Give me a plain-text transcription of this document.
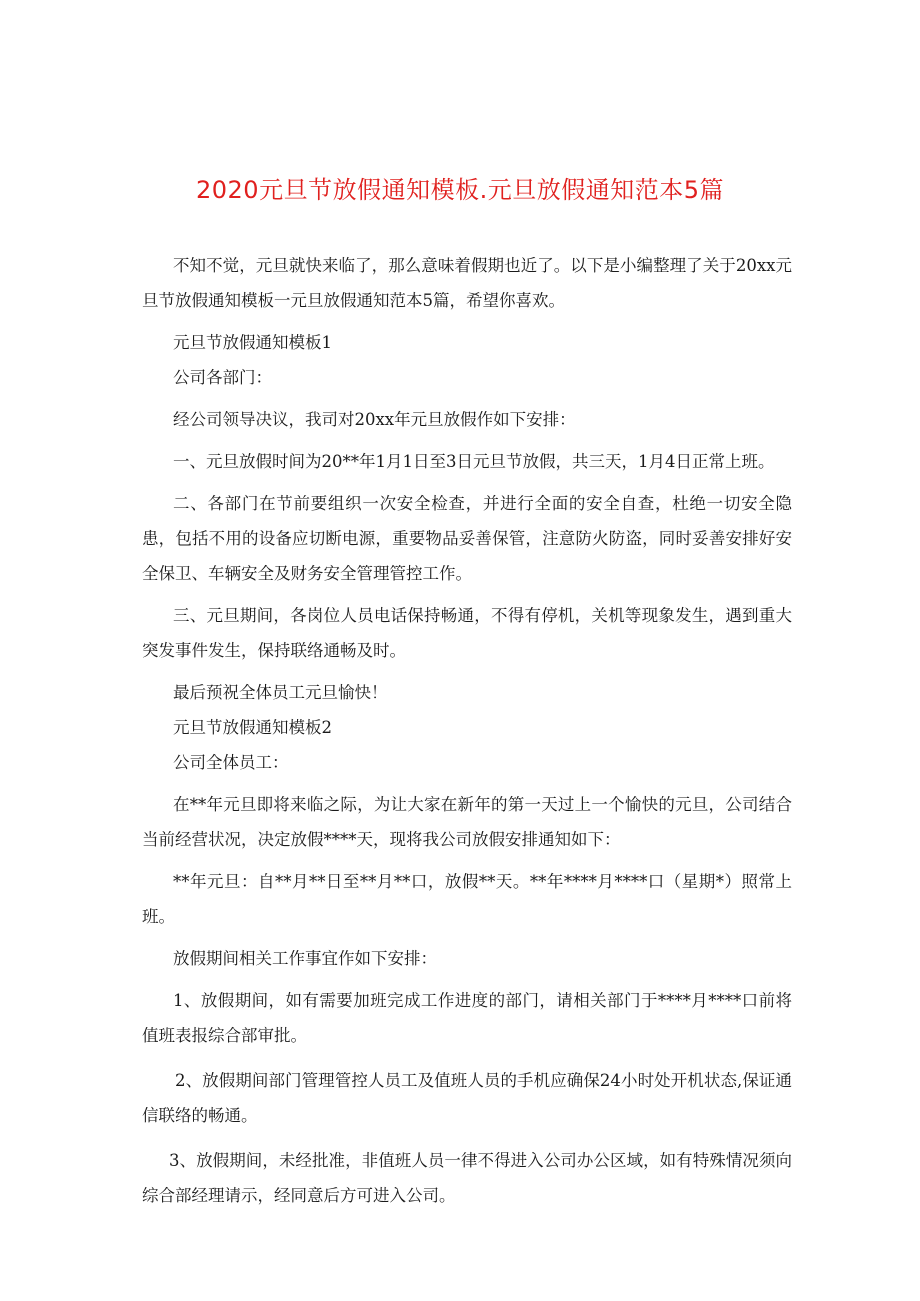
2020元旦节放假通知模板.元旦放假通知范本5篇

不知不觉，元旦就快来临了，那么意味着假期也近了。以下是小编整理了关于20xx元旦节放假通知模板一元旦放假通知范本5篇，希望你喜欢。

元旦节放假通知模板1

公司各部门：

经公司领导决议，我司对20xx年元旦放假作如下安排：

一、元旦放假时间为20**年1月1日至3日元旦节放假，共三天，1月4日正常上班。

二、各部门在节前要组织一次安全检查，并进行全面的安全自查，杜绝一切安全隐患，包括不用的设备应切断电源，重要物品妥善保管，注意防火防盗，同时妥善安排好安全保卫、车辆安全及财务安全管理管控工作。

三、元旦期间，各岗位人员电话保持畅通，不得有停机，关机等现象发生，遇到重大突发事件发生，保持联络通畅及时。

最后预祝全体员工元旦愉快！

元旦节放假通知模板2

公司全体员工：

在**年元旦即将来临之际，为让大家在新年的第一天过上一个愉快的元旦，公司结合当前经营状况，决定放假****天，现将我公司放假安排通知如下：

**年元旦：自**月**日至**月**口，放假**天。**年****月****口（星期*）照常上班。

放假期间相关工作事宜作如下安排：

1、放假期间，如有需要加班完成工作进度的部门，请相关部门于****月****口前将值班表报综合部审批。

2、放假期间部门管理管控人员工及值班人员的手机应确保24小时处开机状态,保证通信联络的畅通。

3、放假期间，未经批准，非值班人员一律不得进入公司办公区域，如有特殊情况须向综合部经理请示，经同意后方可进入公司。
